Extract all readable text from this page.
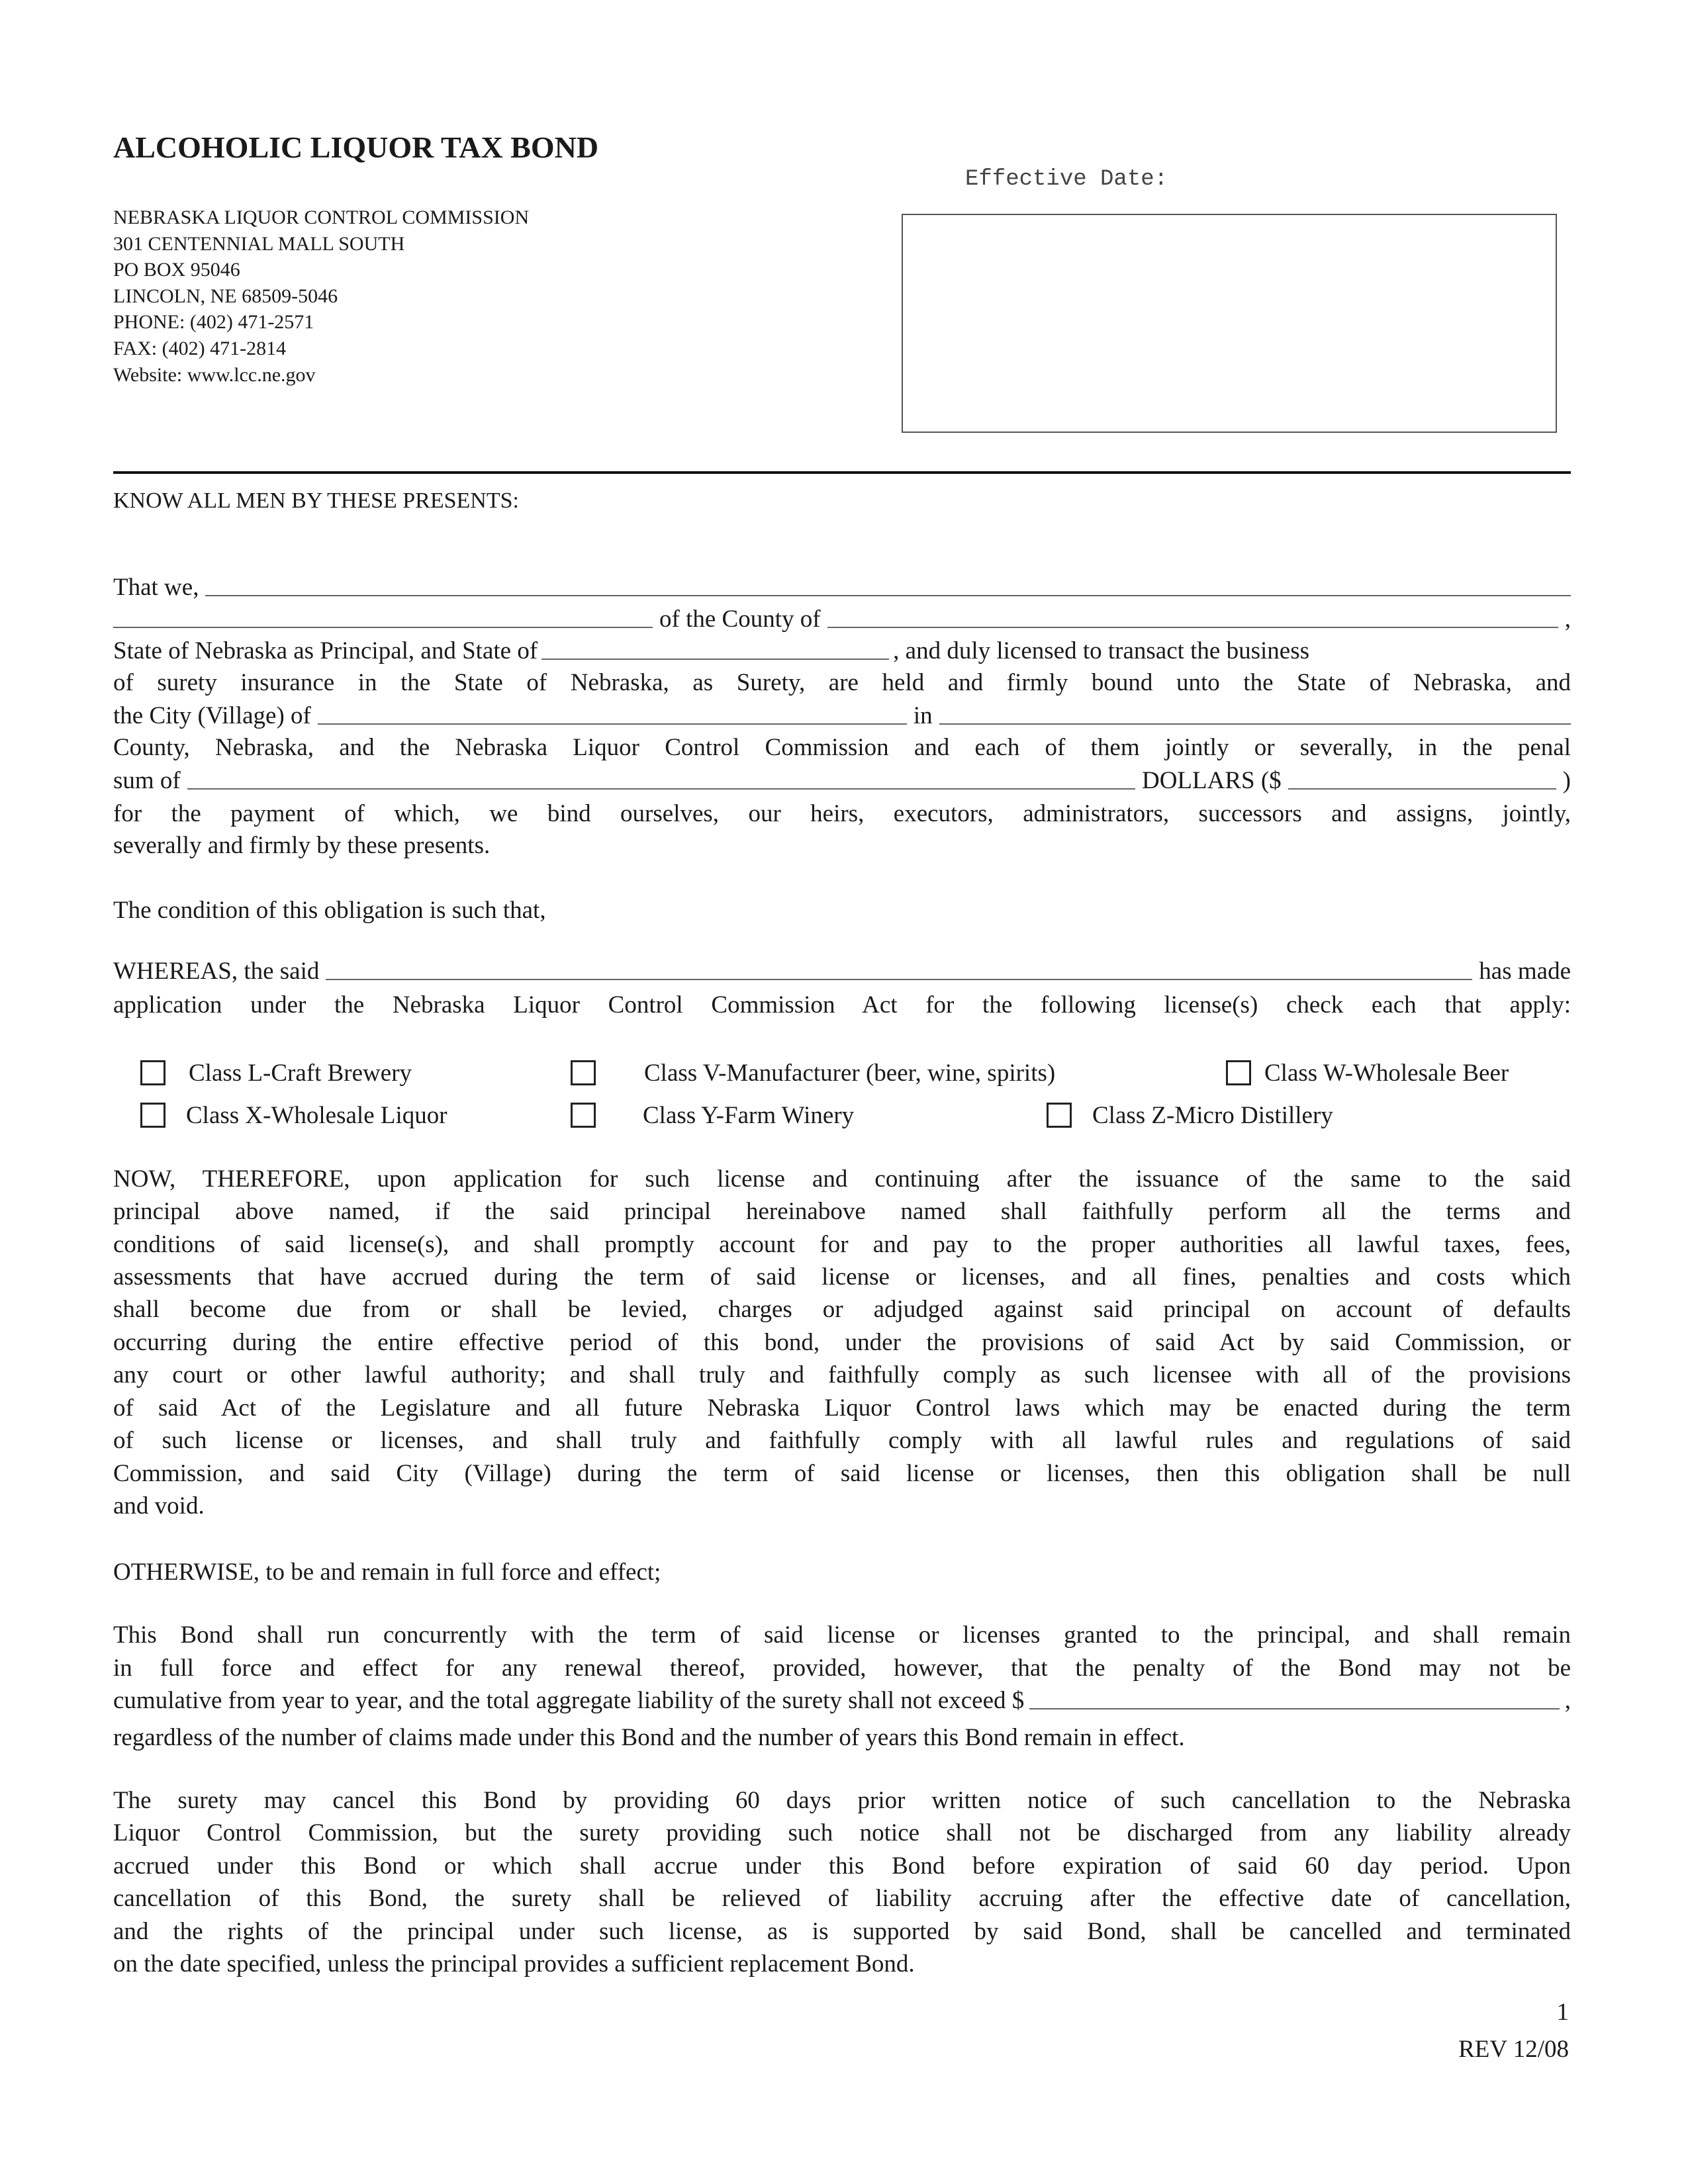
ALCOHOLIC LIQUOR TAX BOND
Effective Date:
NEBRASKA LIQUOR CONTROL COMMISSION
301 CENTENNIAL MALL SOUTH
PO BOX 95046
LINCOLN, NE 68509-5046
PHONE: (402) 471-2571
FAX: (402) 471-2814
Website: www.lcc.ne.gov
KNOW ALL MEN BY THESE PRESENTS:
That we,
of the County of	,
State of Nebraska as Principal, and State of	, and duly licensed to transact the business
of surety insurance in the State of Nebraska, as Surety, are held and firmly bound unto the State of Nebraska, and
the City (Village) of	in
County, Nebraska, and the Nebraska Liquor Control Commission and each of them jointly or severally, in the penal
sum of	DOLLARS ($	)
for the payment of which, we bind ourselves, our heirs, executors, administrators, successors and assigns, jointly,
severally and firmly by these presents.
The condition of this obligation is such that,
WHEREAS, the said	has made
application under the Nebraska Liquor Control Commission Act for the following license(s) check each that apply:
Class L-Craft Brewery	Class V-Manufacturer (beer, wine, spirits)	Class W-Wholesale Beer
Class X-Wholesale Liquor	Class Y-Farm Winery	Class Z-Micro Distillery
NOW, THEREFORE, upon application for such license and continuing after the issuance of the same to the said
principal above named, if the said principal hereinabove named shall faithfully perform all the terms and
conditions of said license(s), and shall promptly account for and pay to the proper authorities all lawful taxes, fees,
assessments that have accrued during the term of said license or licenses, and all fines, penalties and costs which
shall become due from or shall be levied, charges or adjudged against said principal on account of defaults
occurring during the entire effective period of this bond, under the provisions of said Act by said Commission, or
any court or other lawful authority; and shall truly and faithfully comply as such licensee with all of the provisions
of said Act of the Legislature and all future Nebraska Liquor Control laws which may be enacted during the term
of such license or licenses, and shall truly and faithfully comply with all lawful rules and regulations of said
Commission, and said City (Village) during the term of said license or licenses, then this obligation shall be null
and void.
OTHERWISE, to be and remain in full force and effect;
This Bond shall run concurrently with the term of said license or licenses granted to the principal, and shall remain
in full force and effect for any renewal thereof, provided, however, that the penalty of the Bond may not be
cumulative from year to year, and the total aggregate liability of the surety shall not exceed $	,
regardless of the number of claims made under this Bond and the number of years this Bond remain in effect.
The surety may cancel this Bond by providing 60 days prior written notice of such cancellation to the Nebraska
Liquor Control Commission, but the surety providing such notice shall not be discharged from any liability already
accrued under this Bond or which shall accrue under this Bond before expiration of said 60 day period. Upon
cancellation of this Bond, the surety shall be relieved of liability accruing after the effective date of cancellation,
and the rights of the principal under such license, as is supported by said Bond, shall be cancelled and terminated
on the date specified, unless the principal provides a sufficient replacement Bond.
1
REV 12/08
